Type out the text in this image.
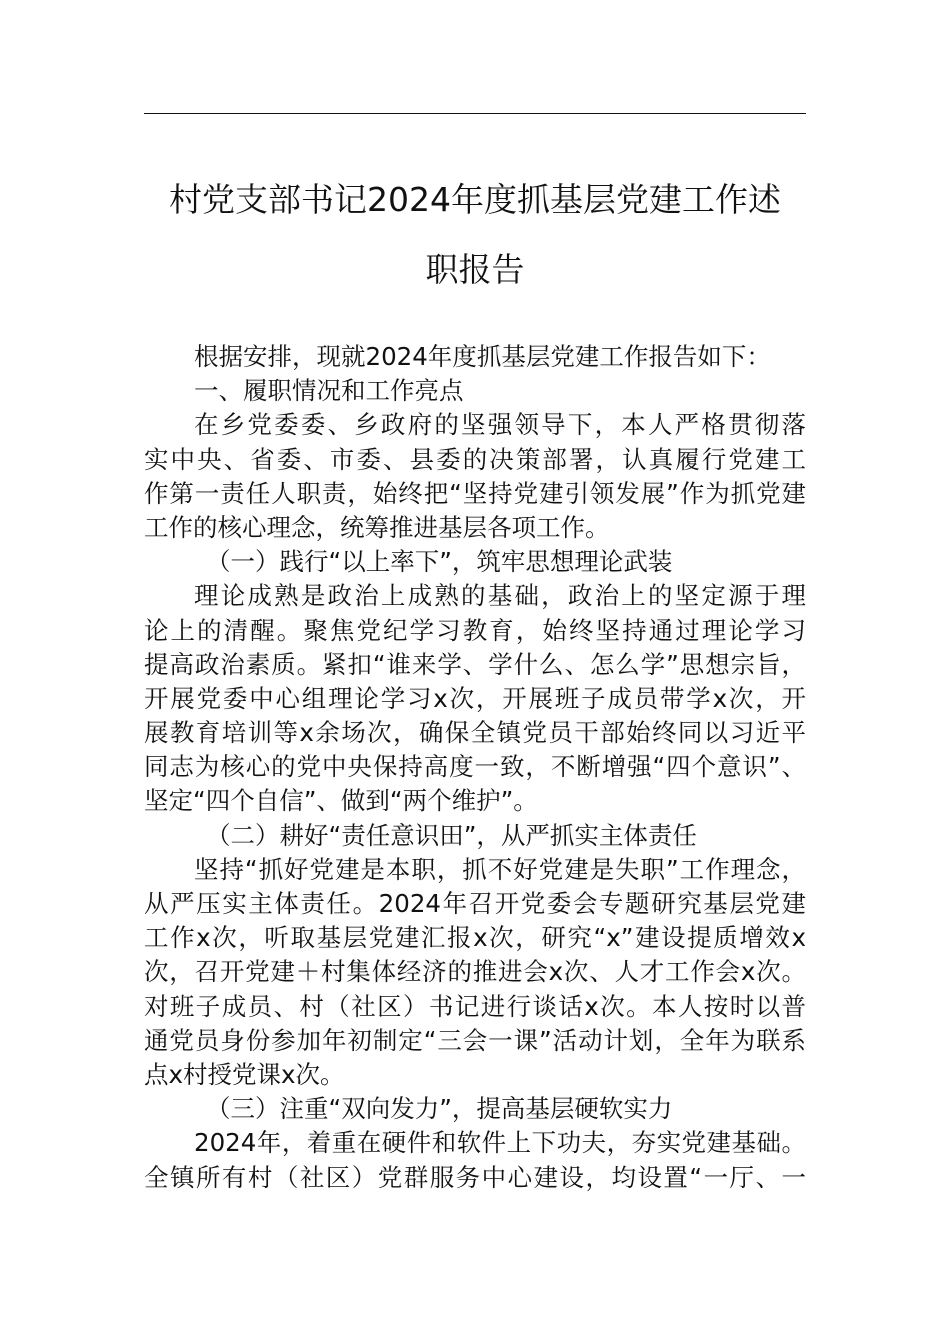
村党支部书记2024年度抓基层党建工作述
职报告
根据安排，现就2024年度抓基层党建工作报告如下：
一、履职情况和工作亮点
在乡党委委、乡政府的坚强领导下，本人严格贯彻落
实中央、省委、市委、县委的决策部署，认真履行党建工
作第一责任人职责，始终把“坚持党建引领发展”作为抓党建
工作的核心理念，统筹推进基层各项工作。
（一）践行“以上率下”，筑牢思想理论武装
理论成熟是政治上成熟的基础，政治上的坚定源于理
论上的清醒。聚焦党纪学习教育，始终坚持通过理论学习
提高政治素质。紧扣“谁来学、学什么、怎么学”思想宗旨，
开展党委中心组理论学习x次，开展班子成员带学x次，开
展教育培训等x余场次，确保全镇党员干部始终同以习近平
同志为核心的党中央保持高度一致，不断增强“四个意识”、
坚定“四个自信”、做到“两个维护”。
（二）耕好“责任意识田”，从严抓实主体责任
坚持“抓好党建是本职，抓不好党建是失职”工作理念，
从严压实主体责任。2024年召开党委会专题研究基层党建
工作x次，听取基层党建汇报x次，研究“x”建设提质增效x
次，召开党建＋村集体经济的推进会x次、人才工作会x次。
对班子成员、村（社区）书记进行谈话x次。本人按时以普
通党员身份参加年初制定“三会一课”活动计划，全年为联系
点x村授党课x次。
（三）注重“双向发力”，提高基层硬软实力
2024年，着重在硬件和软件上下功夫，夯实党建基础。
全镇所有村（社区）党群服务中心建设，均设置“一厅、一
